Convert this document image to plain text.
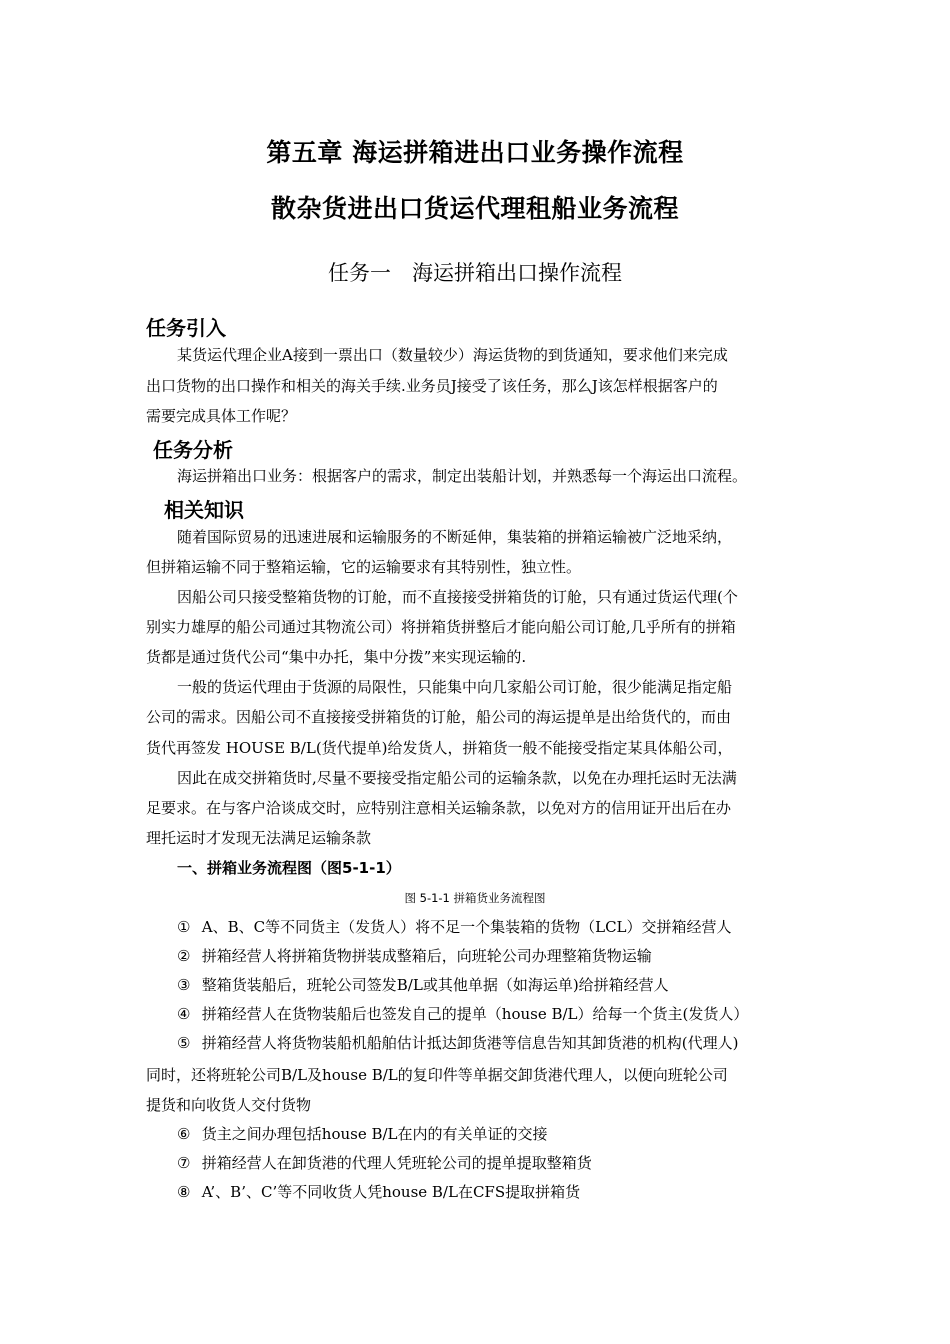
第五章 海运拼箱进出口业务操作流程
散杂货进出口货运代理租船业务流程
任务一　海运拼箱出口操作流程
任务引入
某货运代理企业A接到一票出口（数量较少）海运货物的到货通知，要求他们来完成
出口货物的出口操作和相关的海关手续.业务员J接受了该任务，那么J该怎样根据客户的
需要完成具体工作呢？
任务分析
海运拼箱出口业务：根据客户的需求，制定出装船计划，并熟悉每一个海运出口流程。
相关知识
随着国际贸易的迅速进展和运输服务的不断延伸，集装箱的拼箱运输被广泛地采纳，
但拼箱运输不同于整箱运输，它的运输要求有其特别性，独立性。
因船公司只接受整箱货物的订舱，而不直接接受拼箱货的订舱，只有通过货运代理(个
别实力雄厚的船公司通过其物流公司）将拼箱货拼整后才能向船公司订舱,几乎所有的拼箱
货都是通过货代公司“集中办托，集中分拨”来实现运输的.
一般的货运代理由于货源的局限性，只能集中向几家船公司订舱，很少能满足指定船
公司的需求。因船公司不直接接受拼箱货的订舱，船公司的海运提单是出给货代的，而由
货代再签发 HOUSE B/L(货代提单)给发货人，拼箱货一般不能接受指定某具体船公司，
因此在成交拼箱货时,尽量不要接受指定船公司的运输条款，以免在办理托运时无法满
足要求。在与客户洽谈成交时，应特别注意相关运输条款，以免对方的信用证开出后在办
理托运时才发现无法满足运输条款
一、拼箱业务流程图（图5-1-1）
图 5-1-1 拼箱货业务流程图
① A、B、C等不同货主（发货人）将不足一个集装箱的货物（LCL）交拼箱经营人
② 拼箱经营人将拼箱货物拼装成整箱后，向班轮公司办理整箱货物运输
③ 整箱货装船后，班轮公司签发B/L或其他单据（如海运单)给拼箱经营人
④ 拼箱经营人在货物装船后也签发自己的提单（house B/L）给每一个货主(发货人）
⑤ 拼箱经营人将货物装船机船舶估计抵达卸货港等信息告知其卸货港的机构(代理人)
同时，还将班轮公司B/L及house B/L的复印件等单据交卸货港代理人，以便向班轮公司
提货和向收货人交付货物
⑥ 货主之间办理包括house B/L在内的有关单证的交接
⑦ 拼箱经营人在卸货港的代理人凭班轮公司的提单提取整箱货
⑧ A’、B’、C’等不同收货人凭house B/L在CFS提取拼箱货
